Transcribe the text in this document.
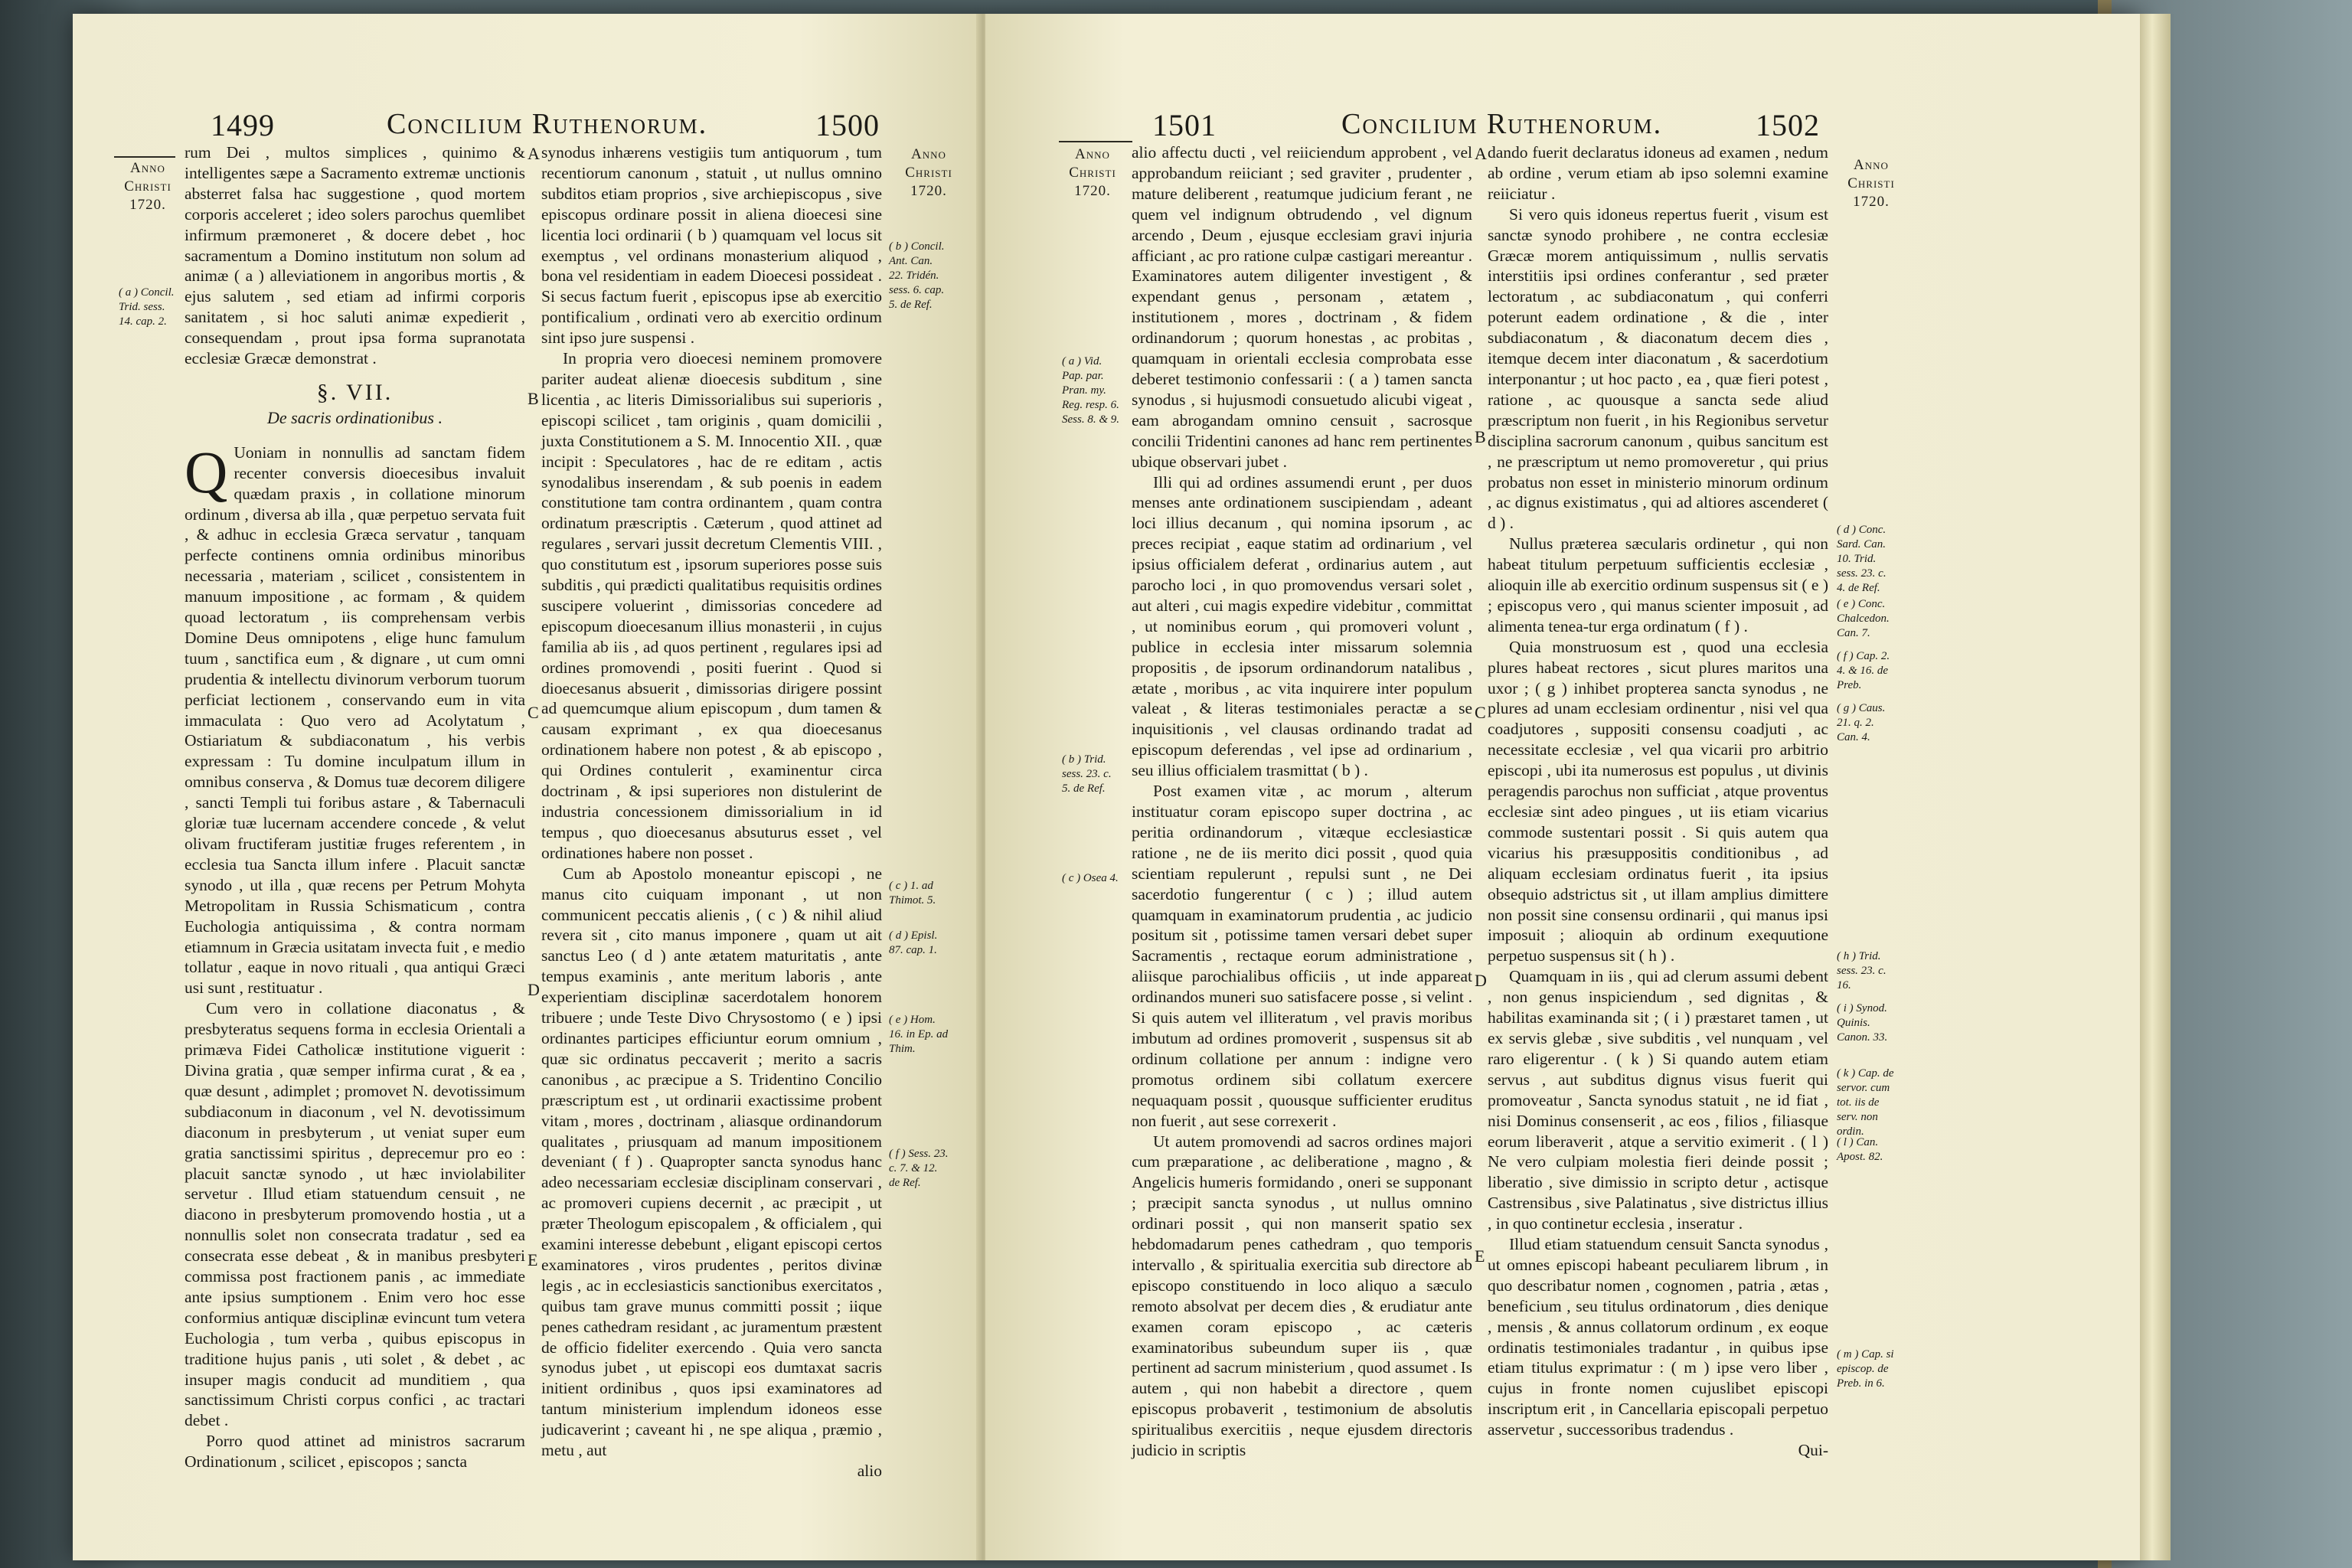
1499	Concilium Ruthenorum.	1500
Anno
Christi
1720.
Anno
Christi
1720.

rum Dei , multos simplices , quinimo & intelligentes sæpe a Sacramento extremæ unctionis absterret falsa hac suggestione , quod mortem corporis acceleret ; ideo solers parochus quemlibet infirmum præmoneret , & docere debet , hoc sacramentum a Domino institutum non solum ad animæ ( a ) alleviationem in angoribus mortis , & ejus salutem , sed etiam ad infirmi corporis sanitatem , si hoc saluti animæ expedierit , consequendam , prout ipsa forma supranotata ecclesiæ Græcæ demonstrat .

§. VII.
De sacris ordinationibus .

Q Uoniam in nonnullis ad sanctam fidem recenter conversis dioecesibus invaluit quædam praxis , in collatione minorum ordinum , diversa ab illa , quæ perpetuo servata fuit , & adhuc in ecclesia Græca servatur , tanquam perfecte continens omnia ordinibus minoribus necessaria , materiam , scilicet , consistentem in manuum impositione , ac formam , & quidem quoad lectoratum , iis comprehensam verbis Domine Deus omnipotens , elige hunc famulum tuum , sanctifica eum , & dignare , ut cum omni prudentia & intellectu divinorum verborum tuorum perficiat lectionem , conservando eum in vita immaculata : Quo vero ad Acolytatum , Ostiariatum & subdiaconatum , his verbis expressam : Tu domine inculpatum illum in omnibus conserva , & Domus tuæ decorem diligere , sancti Templi tui foribus astare , & Tabernaculi gloriæ tuæ lucernam accendere concede , & velut olivam fructiferam justitiæ fruges referentem , in ecclesia tua Sancta illum infere . Placuit sanctæ synodo , ut illa , quæ recens per Petrum Mohyta Metropolitam in Russia Schismaticum , contra Euchologia antiquissima , & contra normam etiamnum in Græcia usitatam invecta fuit , e medio tollatur , eaque in novo rituali , qua antiqui Græci usi sunt , restituatur .

Cum vero in collatione diaconatus , & presbyteratus sequens forma in ecclesia Orientali a primæva Fidei Catholicæ institutione viguerit : Divina gratia , quæ semper infirma curat , & ea , quæ desunt , adimplet ; promovet N. devotissimum subdiaconum in diaconum , vel N. devotissimum diaconum in presbyterum , ut veniat super eum gratia sanctissimi spiritus , deprecemur pro eo : placuit sanctæ synodo , ut hæc inviolabiliter servetur . Illud etiam statuendum censuit , ne diacono in presbyterum promovendo hostia , ut a nonnullis solet non consecrata tradatur , sed ea consecrata esse debeat , & in manibus presbyteri commissa post fractionem panis , ac immediate ante ipsius sumptionem . Enim vero hoc esse conformius antiquæ disciplinæ evincunt tum vetera Euchologia , tum verba , quibus episcopus in traditione hujus panis , uti solet , & debet , ac insuper magis conducit ad munditiem , qua sanctissimum Christi corpus confici , ac tractari debet .

Porro quod attinet ad ministros sacrarum Ordinationum , scilicet , episcopos ; sancta

synodus inhærens vestigiis tum antiquorum , tum recentiorum canonum , statuit , ut nullus omnino subditos etiam proprios , sive archiepiscopus , sive episcopus ordinare possit in aliena dioecesi sine licentia loci ordinarii ( b ) quamquam vel locus sit exemptus , vel ordinans monasterium aliquod , bona vel residentiam in eadem Dioecesi possideat . Si secus factum fuerit , episcopus ipse ab exercitio pontificalium , ordinati vero ab exercitio ordinum sint ipso jure suspensi .

In propria vero dioecesi neminem promovere pariter audeat alienæ dioecesis subditum , sine licentia , ac literis Dimissorialibus sui superioris , episcopi scilicet , tam originis , quam domicilii , juxta Constitutionem a S. M. Innocentio XII. , quæ incipit : Speculatores , hac de re editam , actis synodalibus inserendam , & sub poenis in eadem constitutione tam contra ordinantem , quam contra ordinatum præscriptis . Cæterum , quod attinet ad regulares , servari jussit decretum Clementis VIII. , quo constitutum est , ipsorum superiores posse suis subditis , qui prædicti qualitatibus requisitis ordines suscipere voluerint , dimissorias concedere ad episcopum dioecesanum illius monasterii , in cujus familia ab iis , ad quos pertinent , regulares ipsi ad ordines promovendi , positi fuerint . Quod si dioecesanus absuerit , dimissorias dirigere possint ad quemcumque alium episcopum , dum tamen & causam exprimant , ex qua dioecesanus ordinationem habere non potest , & ab episcopo , qui Ordines contulerit , examinentur circa doctrinam , & ipsi superiores non distulerint de industria concessionem dimissorialium in id tempus , quo dioecesanus absuturus esset , vel ordinationes habere non posset .

Cum ab Apostolo moneantur episcopi , ne manus cito cuiquam imponant , ut non communicent peccatis alienis , ( c ) & nihil aliud revera sit , cito manus imponere , quam ut ait sanctus Leo ( d ) ante ætatem maturitatis , ante tempus examinis , ante meritum laboris , ante experientiam disciplinæ sacerdotalem honorem tribuere ; unde Teste Divo Chrysostomo ( e ) ipsi ordinantes participes efficiuntur eorum omnium , quæ sic ordinatus peccaverit ; merito a sacris canonibus , ac præcipue a S. Tridentino Concilio præscriptum est , ut ordinarii exactissime probent vitam , mores , doctrinam , aliasque ordinandorum qualitates , priusquam ad manum impositionem deveniant ( f ) . Quapropter sancta synodus hanc adeo necessariam ecclesiæ disciplinam conservari , ac promoveri cupiens decernit , ac præcipit , ut præter Theologum episcopalem , & officialem , qui examini interesse debebunt , eligant episcopi certos examinatores , viros prudentes , peritos divinæ legis , ac in ecclesiasticis sanctionibus exercitatos , quibus tam grave munus committi possit ; iique penes cathedram residant , ac juramentum præstent de officio fideliter exercendo . Quia vero sancta synodus jubet , ut episcopi eos dumtaxat sacris initient ordinibus , quos ipsi examinatores ad tantum ministerium implendum idoneos esse judicaverint ; caveant hi , ne spe aliqua , præmio , metu , aut

alio

( a ) Concil. Trid. sess. 14. cap. 2.
( b ) Concil. Ant. Can. 22. Tridén. sess. 6. cap. 5. de Ref.
( c ) 1. ad Thimot. 5.
( d ) Episl. 87. cap. 1.
( e ) Hom. 16. in Ep. ad Thim.
( f ) Sess. 23. c. 7. & 12. de Ref.
A
B
C
D
E
1501	Concilium Ruthenorum.	1502
Anno
Christi
1720.
Anno
Christi
1720.

alio affectu ducti , vel reiiciendum approbent , vel approbandum reiiciant ; sed graviter , prudenter , mature deliberent , reatumque judicium ferant , ne quem vel indignum obtrudendo , vel dignum arcendo , Deum , ejusque ecclesiam gravi injuria afficiant , ac pro ratione culpæ castigari mereantur . Examinatores autem diligenter investigent , & expendant genus , personam , ætatem , institutionem , mores , doctrinam , & fidem ordinandorum ; quorum honestas , ac probitas , quamquam in orientali ecclesia comprobata esse deberet testimonio confessarii : ( a ) tamen sancta synodus , si hujusmodi consuetudo alicubi vigeat , eam abrogandam omnino censuit , sacrosque concilii Tridentini canones ad hanc rem pertinentes ubique observari jubet .

Illi qui ad ordines assumendi erunt , per duos menses ante ordinationem suscipiendam , adeant loci illius decanum , qui nomina ipsorum , ac preces recipiat , eaque statim ad ordinarium , vel ipsius officialem deferat , ordinarius autem , aut parocho loci , in quo promovendus versari solet , aut alteri , cui magis expedire videbitur , committat , ut nominibus eorum , qui promoveri volunt , publice in ecclesia inter missarum solemnia propositis , de ipsorum ordinandorum natalibus , ætate , moribus , ac vita inquirere inter populum valeat , & literas testimoniales peractæ a se inquisitionis , vel clausas ordinando tradat ad episcopum deferendas , vel ipse ad ordinarium , seu illius officialem trasmittat ( b ) .

Post examen vitæ , ac morum , alterum instituatur coram episcopo super doctrina , ac peritia ordinandorum , vitæque ecclesiasticæ ratione , ne de iis merito dici possit , quod quia scientiam repulerunt , repulsi sunt , ne Dei sacerdotio fungerentur ( c ) ; illud autem quamquam in examinatorum prudentia , ac judicio positum sit , potissime tamen versari debet super Sacramentis , rectaque eorum administratione , aliisque parochialibus officiis , ut inde appareat ordinandos muneri suo satisfacere posse , si velint . Si quis autem vel illiteratum , vel pravis moribus imbutum ad ordines promoverit , suspensus sit ab ordinum collatione per annum : indigne vero promotus ordinem sibi collatum exercere nequaquam possit , quousque sufficienter eruditus non fuerit , aut sese correxerit .

Ut autem promovendi ad sacros ordines majori cum præparatione , ac deliberatione , magno , & Angelicis humeris formidando , oneri se supponant ; præcipit sancta synodus , ut nullus omnino ordinari possit , qui non manserit spatio sex hebdomadarum penes cathedram , quo temporis intervallo , & spiritualia exercitia sub directore ab episcopo constituendo in loco aliquo a sæculo remoto absolvat per decem dies , & erudiatur ante examen coram episcopo , ac cæteris examinatoribus subeundum super iis , quæ pertinent ad sacrum ministerium , quod assumet . Is autem , qui non habebit a directore , quem episcopus probaverit , testimonium de absolutis spiritualibus exercitiis , neque ejusdem directoris judicio in scriptis

dando fuerit declaratus idoneus ad examen , nedum ab ordine , verum etiam ab ipso solemni examine reiiciatur .

Si vero quis idoneus repertus fuerit , visum est sanctæ synodo prohibere , ne contra ecclesiæ Græcæ morem antiquissimum , nullis servatis interstitiis ipsi ordines conferantur , sed præter lectoratum , ac subdiaconatum , qui conferri poterunt eadem ordinatione , & die , inter subdiaconatum , & diaconatum decem dies , itemque decem inter diaconatum , & sacerdotium interponantur ; ut hoc pacto , ea , quæ fieri potest , ratione , ac quousque a sancta sede aliud præscriptum non fuerit , in his Regionibus servetur disciplina sacrorum canonum , quibus sancitum est , ne præscriptum ut nemo promoveretur , qui prius probatus non esset in ministerio minorum ordinum , ac dignus existimatus , qui ad altiores ascenderet ( d ) .

Nullus præterea sæcularis ordinetur , qui non habeat titulum perpetuum sufficientis ecclesiæ , alioquin ille ab exercitio ordinum suspensus sit ( e ) ; episcopus vero , qui manus scienter imposuit , ad alimenta tenea-tur erga ordinatum ( f ) .

Quia monstruosum est , quod una ecclesia plures habeat rectores , sicut plures maritos una uxor ; ( g ) inhibet propterea sancta synodus , ne plures ad unam ecclesiam ordinentur , nisi vel qua coadjutores , suppositi consensu coadjuti , ac necessitate ecclesiæ , vel qua vicarii pro arbitrio episcopi , ubi ita numerosus est populus , ut divinis peragendis parochus non sufficiat , atque proventus ecclesiæ sint adeo pingues , ut iis etiam vicarius commode sustentari possit . Si quis autem qua vicarius his præsuppositis conditionibus , ad aliquam ecclesiam ordinatus fuerit , ita ipsius obsequio adstrictus sit , ut illam amplius dimittere non possit sine consensu ordinarii , qui manus ipsi imposuit ; alioquin ab ordinum exequutione perpetuo suspensus sit ( h ) .

Quamquam in iis , qui ad clerum assumi debent , non genus inspiciendum , sed dignitas , & habilitas examinanda sit ; ( i ) præstaret tamen , ut ex servis glebæ , sive subditis , vel nunquam , vel raro eligerentur . ( k ) Si quando autem etiam servus , aut subditus dignus visus fuerit qui promoveatur , Sancta synodus statuit , ne id fiat , nisi Dominus consenserit , ac eos , filios , filiasque eorum liberaverit , atque a servitio eximerit . ( l ) Ne vero culpiam molestia fieri deinde possit ; liberatio , sive dimissio in scripto detur , actisque Castrensibus , sive Palatinatus , sive districtus illius , in quo continetur ecclesia , inseratur .

Illud etiam statuendum censuit Sancta synodus , ut omnes episcopi habeant peculiarem librum , in quo describatur nomen , cognomen , patria , ætas , beneficium , seu titulus ordinatorum , dies denique , mensis , & annus collatorum ordinum , ex eoque ordinatis testimoniales tradantur , in quibus ipse etiam titulus exprimatur : ( m ) ipse vero liber , cujus in fronte nomen cujuslibet episcopi inscriptum erit , in Cancellaria episcopali perpetuo asservetur , successoribus tradendus .

Qui-

( a ) Vid. Pap. par. Pran. my. Reg. resp. 6. Sess. 8. & 9.
( b ) Trid. sess. 23. c. 5. de Ref.
( c ) Osea 4.
( d ) Conc. Sard. Can. 10. Trid. sess. 23. c. 4. de Ref.
( e ) Conc. Chalcedon. Can. 7.
( f ) Cap. 2. 4. & 16. de Preb.
( g ) Caus. 21. q. 2. Can. 4.
( h ) Trid. sess. 23. c. 16.
( i ) Synod. Quinis. Canon. 33.
( k ) Cap. de servor. cum tot. iis de serv. non ordin.
( l ) Can. Apost. 82.
( m ) Cap. si episcop. de Preb. in 6.
A
B
C
D
E
